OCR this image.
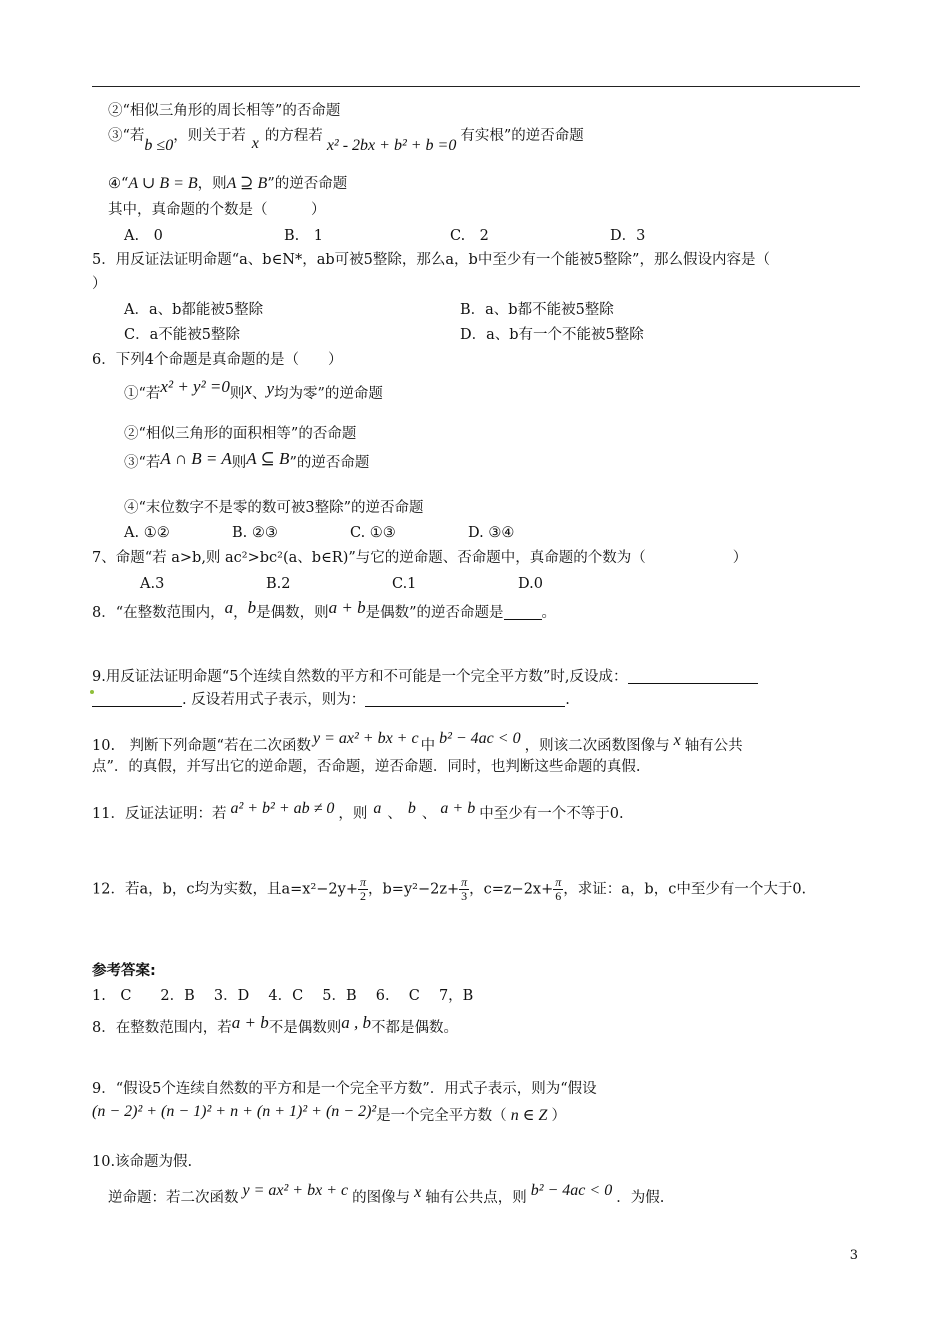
②“相似三角形的周长相等”的否命题
③“若b ≤0，则关于若 x 的方程若x² - 2bx + b² + b =0有实根”的逆否命题
④“A ∪ B = B，则A ⊇ B”的逆否命题
其中，真命题的个数是（　　　）
A.　0	B.　1	C.　2	D．3
5．用反证法证明命题“a、b∈N*，ab可被5整除，那么a，b中至少有一个能被5整除”，那么假设内容是（
）
A．a、b都能被5整除	B．a、b都不能被5整除
C．a不能被5整除	D．a、b有一个不能被5整除
6．下列4个命题是真命题的是（　　）
①“若x² + y² =0则x、y均为零”的逆命题
②“相似三角形的面积相等”的否命题
③“若A ∩ B = A则A ⊆ B”的逆否命题
④“末位数字不是零的数可被3整除”的逆否命题
A. ①②	B. ②③	C. ①③	D. ③④
7、命题“若 a>b,则 ac²>bc²(a、b∈R)”与它的逆命题、否命题中，真命题的个数为（　　　　　　）
A.3	B.2	C.1	D.0
8．“在整数范围内，a，b是偶数，则a + b是偶数”的逆否命题是	。
9.用反证法证明命题“5个连续自然数的平方和不可能是一个完全平方数”时,反设成：
. 反设若用式子表示，则为：	.
10.　判断下列命题“若在二次函数 y = ax² + bx + c 中 b² − 4ac < 0 ，则该二次函数图像与 x 轴有公共
点”．的真假，并写出它的逆命题，否命题，逆否命题．同时，也判断这些命题的真假.
11．反证法证明：若 a² + b² + ab ≠ 0 ，则 a 、 b 、 a + b 中至少有一个不等于0.
12．若a，b，c均为实数，且$a=x^2-2y+ \frac{\pi}{2}$ ，$b=y^2-2z+ \frac{\pi}{3}$ ，$c=z-2x+ \frac{\pi}{6}$ ，求证：a，b，c中至少有一个大于0.
参考答案:
1.　C　　2．B　 3．D　 4．C　 5．B　 6.　 C　 7，B
8．在整数范围内，若a + b不是偶数则a , b不都是偶数。
9．“假设5个连续自然数的平方和是一个完全平方数”．用式子表示，则为“假设
(n − 2)² + (n − 1)² + n + (n + 1)² + (n − 2)²是一个完全平方数（ n ∈ Z ）
10.该命题为假.
逆命题：若二次函数 y = ax² + bx + c 的图像与 x 轴有公共点，则 b² − 4ac < 0 ．为假.
3
